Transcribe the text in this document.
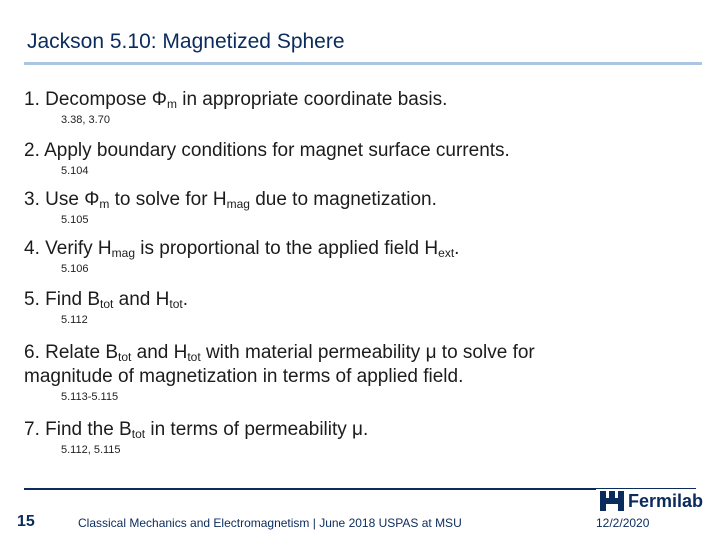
Jackson 5.10: Magnetized Sphere
1. Decompose $\Phi_m$ in appropriate coordinate basis.
3.38, 3.70
2. Apply boundary conditions for magnet surface currents.
5.104
3. Use $\Phi_m$ to solve for $H_{mag}$ due to magnetization.
5.105
4. Verify $H_{mag}$ is proportional to the applied field $H_{ext}$.
5.106
5. Find $B_{tot}$ and $H_{tot}$.
5.112
6. Relate $B_{tot}$ and $H_{tot}$ with material permeability μ to solve for
magnitude of magnetization in terms of applied field.
5.113-5.115
7. Find the $B_{tot}$ in terms of permeability μ.
5.112, 5.115
Fermilab
15	Classical Mechanics and Electromagnetism | June 2018 USPAS at MSU	12/2/2020
